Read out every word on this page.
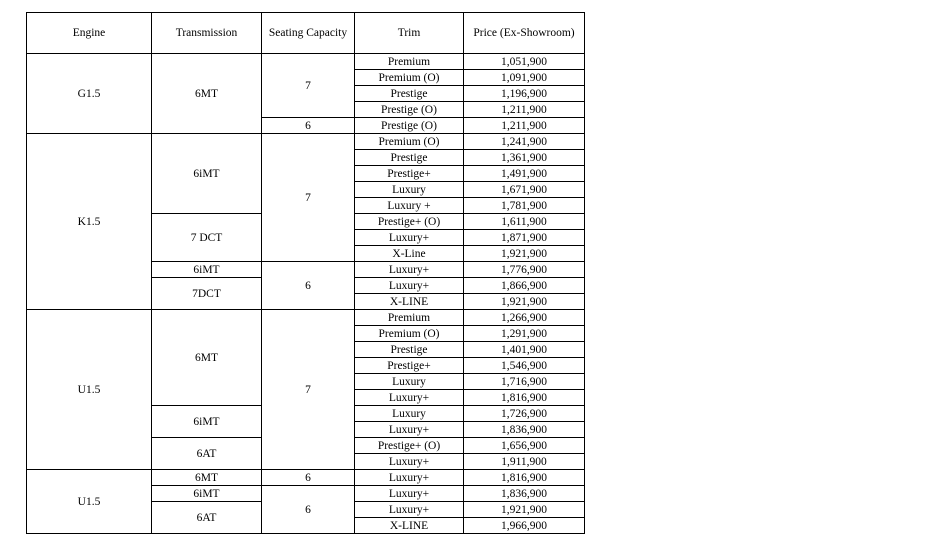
Engine	Transmission	Seating Capacity	Trim	Price (Ex-Showroom)
G1.5	6MT	7	Premium	1,051,900
			Premium (O)	1,091,900
			Prestige	1,196,900
			Prestige (O)	1,211,900
		6	Prestige (O)	1,211,900
K1.5	6iMT	7	Premium (O)	1,241,900
			Prestige	1,361,900
			Prestige+	1,491,900
			Luxury	1,671,900
			Luxury +	1,781,900
	7 DCT		Prestige+ (O)	1,611,900
			Luxury+	1,871,900
			X-Line	1,921,900
	6iMT	6	Luxury+	1,776,900
	7DCT		Luxury+	1,866,900
			X-LINE	1,921,900
U1.5	6MT	7	Premium	1,266,900
			Premium (O)	1,291,900
			Prestige	1,401,900
			Prestige+	1,546,900
			Luxury	1,716,900
			Luxury+	1,816,900
	6iMT		Luxury	1,726,900
			Luxury+	1,836,900
	6AT		Prestige+ (O)	1,656,900
			Luxury+	1,911,900
U1.5	6MT	6	Luxury+	1,816,900
	6iMT	6	Luxury+	1,836,900
	6AT		Luxury+	1,921,900
			X-LINE	1,966,900
